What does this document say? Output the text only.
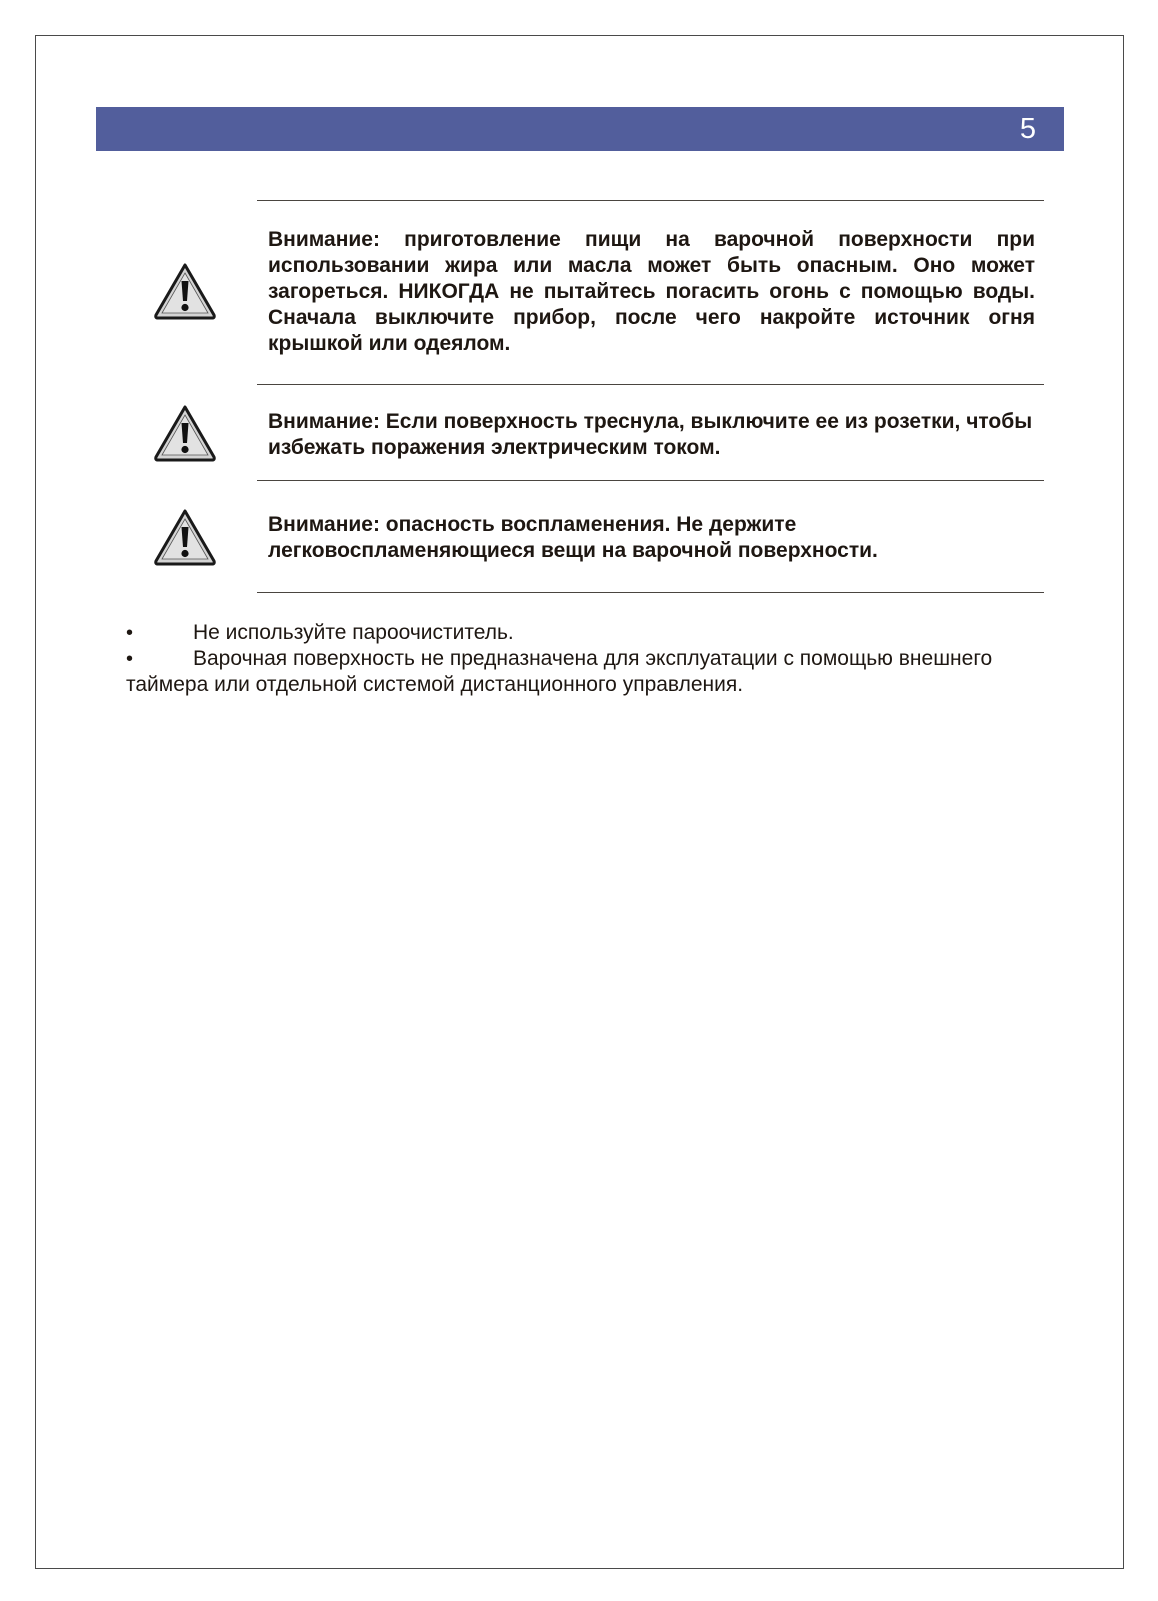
5

Внимание: приготовление пищи на варочной поверхности при использовании жира или масла может быть опасным. Оно может загореться. НИКОГДА не пытайтесь погасить огонь с помощью воды. Сначала выключите прибор, после чего накройте источник огня крышкой или одеялом.

Внимание: Если поверхность треснула, выключите ее из розетки, чтобы избежать поражения электрическим током.

Внимание: опасность воспламенения. Не держите легковоспламеняющиеся вещи на варочной поверхности.

•	Не используйте пароочиститель.

•	Варочная поверхность не предназначена для эксплуатации с помощью внешнего таймера или отдельной системой дистанционного управления.
